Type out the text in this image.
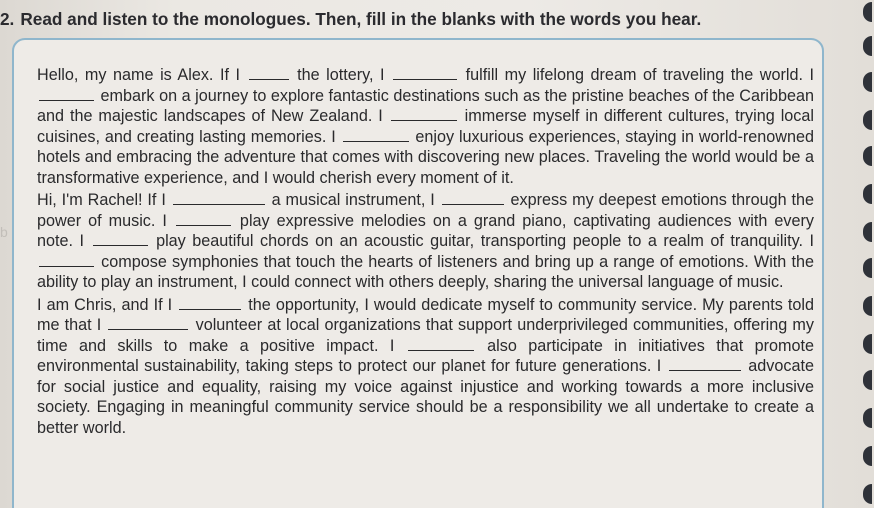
2. Read and listen to the monologues. Then, fill in the blanks with the words you hear.
b

Hello, my name is Alex. If I	the lottery, I	fulfill my lifelong dream of traveling the world. I  embark on a journey to explore fantastic destinations such as the pristine beaches of the Caribbean and the majestic landscapes of New Zealand. I	immerse myself in different cultures, trying local cuisines, and creating lasting memories. I	enjoy luxurious experiences, staying in world-renowned hotels and embracing the adventure that comes with discovering new places. Traveling the world would be a transformative experience, and I would cherish every moment of it.

Hi, I'm Rachel! If I	a musical instrument, I	express my deepest emotions through the power of music. I	play expressive melodies on a grand piano, captivating audiences with every note. I	play beautiful chords on an acoustic guitar, transporting people to a realm of tranquility. I  compose symphonies that touch the hearts of listeners and bring up a range of emotions. With the ability to play an instrument, I could connect with others deeply, sharing the universal language of music.

I am Chris, and If I	the opportunity, I would dedicate myself to community service. My parents told me that I	volunteer at local organizations that support underprivileged communities, offering my time and skills to make a positive impact. I	also participate in initiatives that promote environmental sustainability, taking steps to protect our planet for future generations. I	advocate for social justice and equality, raising my voice against injustice and working towards a more inclusive society. Engaging in meaningful community service should be a responsibility we all undertake to create a better world.
